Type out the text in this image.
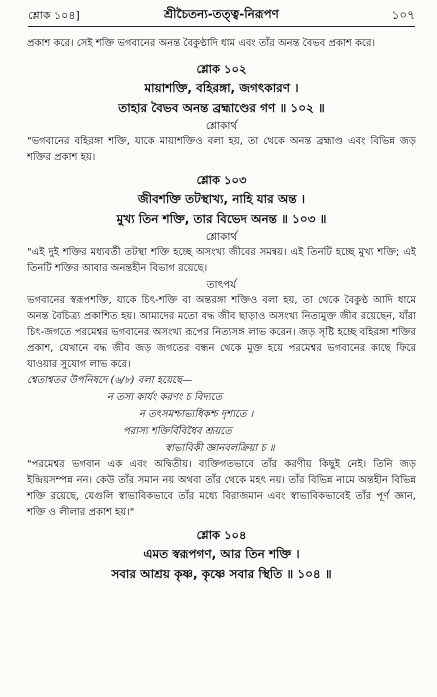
শ্লোক ১০৪]	শ্রীচৈতন্য-তত্ত্ব-নিরূপণ	১০৭

প্রকাশ করে। সেই শক্তি ভগবানের অনন্ত বৈকুণ্ঠাদি ধাম এবং তাঁর অনন্ত বৈভব প্রকাশ করে।

শ্লোক ১০২

মায়াশক্তি, বহিরঙ্গা, জগৎকারণ ।

তাহার বৈভব অনন্ত ব্রহ্মাণ্ডের গণ ॥ ১০২ ॥

শ্লোকার্থ

"ভগবানের বহিরঙ্গা শক্তি, যাকে মায়াশক্তিও বলা হয়, তা থেকে অনন্ত ব্রহ্মাণ্ড এবং বিভিন্ন জড় শক্তির প্রকাশ হয়।

শ্লোক ১০৩

জীবশক্তি তটস্থাখ্য, নাহি যার অন্ত ।

মুখ্য তিন শক্তি, তার বিভেদ অনন্ত ॥ ১০৩ ॥

শ্লোকার্থ

"এই দুই শক্তির মধ্যবর্তী তটস্থা শক্তি হচ্ছে অসংখ্য জীবের সমন্বয়। এই তিনটি হচ্ছে মুখ্য শক্তি; এই তিনটি শক্তির আবার অনন্তহীন বিভাগ রয়েছে।

তাৎপর্য

ভগবানের স্বরূপশক্তি, যাকে চিৎ-শক্তি বা অন্তরঙ্গা শক্তিও বলা হয়, তা থেকে বৈকুণ্ঠ আদি ধামে অনন্ত বৈচিত্র্য প্রকাশিত হয়। আমাদের মতো বদ্ধ জীব ছাড়াও অসংখ্য নিত্যমুক্ত জীব রয়েছেন, যাঁরা চিৎ-জগতে পরমেশ্বর ভগবানের অসংখ্য রূপের নিত্যসঙ্গ লাভ করেন। জড় সৃষ্টি হচ্ছে বহিরঙ্গা শক্তির প্রকাশ, যেখানে বদ্ধ জীব জড় জগতের বন্ধন থেকে মুক্ত হয়ে পরমেশ্বর ভগবানের কাছে ফিরে যাওয়ার সুযোগ লাভ করে।

শ্বেতাশ্বতর উপনিষদে (৬/৮) বলা হয়েছে—

ন তস্য কার্যং করণং চ বিদ্যতে

ন তৎসমশ্চাভ্যধিকশ্চ দৃশ্যতে ।

পরাস্য শক্তির্বিবিধৈব শ্রূয়তে

স্বাভাবিকী জ্ঞানবলক্রিয়া চ ॥

"পরমেশ্বর ভগবান এক এবং অদ্বিতীয়। ব্যক্তিগতভাবে তাঁর করণীয় কিছুই নেই। তিনি জড় ইন্দ্রিয়সম্পন্ন নন। কেউ তাঁর সমান নয় অথবা তাঁর থেকে মহৎ নয়। তাঁর বিভিন্ন নামে অন্তহীন বিভিন্ন শক্তি রয়েছে, যেগুলি স্বাভাবিকভাবে তাঁর মধ্যে বিরাজমান এবং স্বাভাবিকভাবেই তাঁর পূর্ণ জ্ঞান, শক্তি ও লীলার প্রকাশ হয়।"

শ্লোক ১০৪

এমত স্বরূপগণ, আর তিন শক্তি ।

সবার আশ্রয় কৃষ্ণ, কৃষ্ণে সবার স্থিতি ॥ ১০৪ ॥
